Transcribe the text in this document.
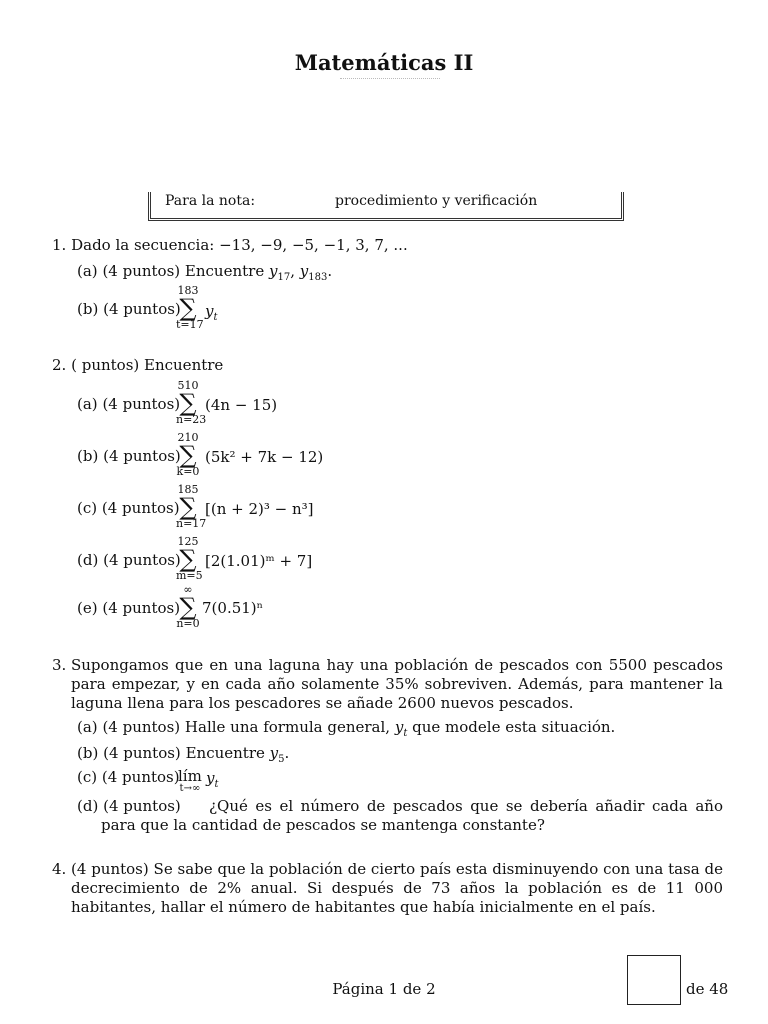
Matemáticas II
Para la nota:	procedimiento y verificación
1. Dado la secuencia: −13, −9, −5, −1, 3, 7, ...
(a) (4 puntos) Encuentre $y_{17}$, $y_{183}$.
(b) (4 puntos)
183
∑
t=17
$y_t$
2. ( puntos) Encuentre
(a) (4 puntos)
510
∑
n=23
(4n − 15)
(b) (4 puntos)
210
∑
k=0
(5k² + 7k − 12)
(c) (4 puntos)
185
∑
n=17
[(n + 2)³ − n³]
(d) (4 puntos)
125
∑
m=5
[2(1.01)ᵐ + 7]
(e) (4 puntos)
∞
∑
n=0
7(0.51)ⁿ
3. Supongamos que en una laguna hay una población de pescados con 5500 pescados para empezar, y en cada año solamente 35% sobreviven. Además, para mantener la laguna llena para los pescadores se añade 2600 nuevos pescados.
(a) (4 puntos) Halle una formula general, $y_t$ que modele esta situación.
(b) (4 puntos) Encuentre $y_5$.
(c) (4 puntos)
lím
t→∞
$y_t$
(d) (4 puntos)	¿Qué es el número de pescados que se debería añadir cada año para que la cantidad de pescados se mantenga constante?
4. (4 puntos) Se sabe que la población de cierto país esta disminuyendo con una tasa de decrecimiento de 2% anual. Si después de 73 años la población es de 11 000 habitantes, hallar el número de habitantes que había inicialmente en el país.
Página 1 de 2	de 48
